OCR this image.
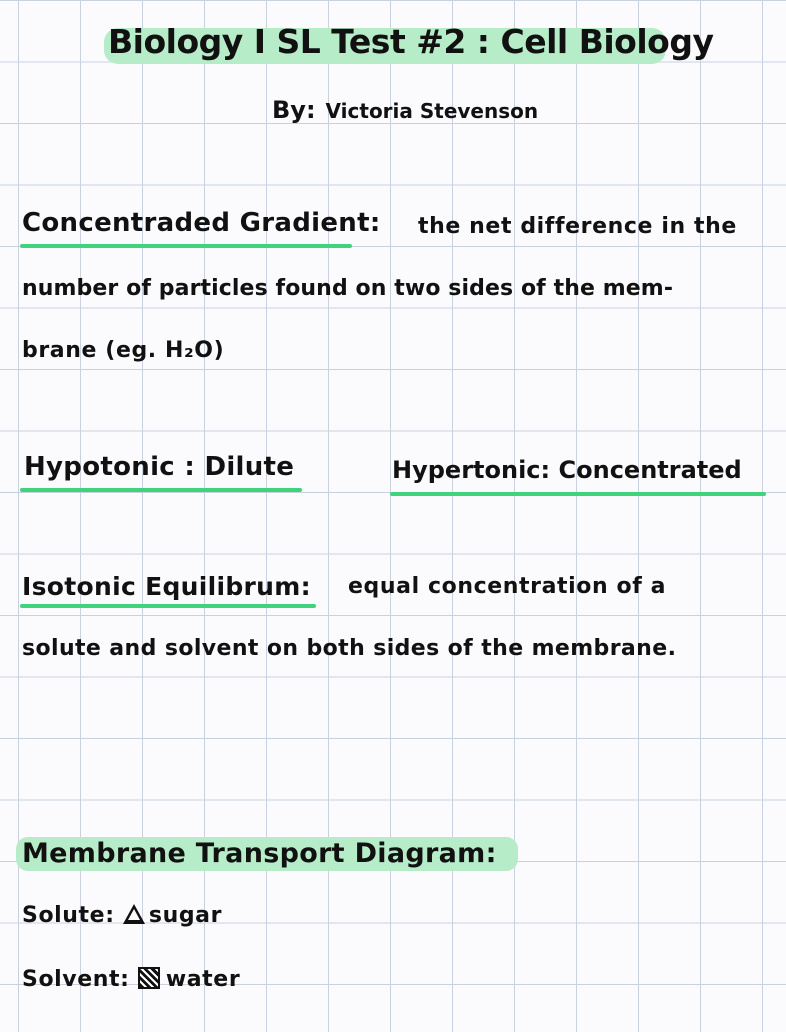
Biology I SL Test #2 : Cell Biology
By: Victoria Stevenson
Concentraded Gradient: the net difference in the
number of particles found on two sides of the mem-
brane (eg. H₂O)
Hypotonic : Dilute	Hypertonic: Concentrated
Isotonic Equilibrum: equal concentration of a
solute and solvent on both sides of the membrane.
Membrane Transport Diagram:
Solute: sugar
Solvent: water
